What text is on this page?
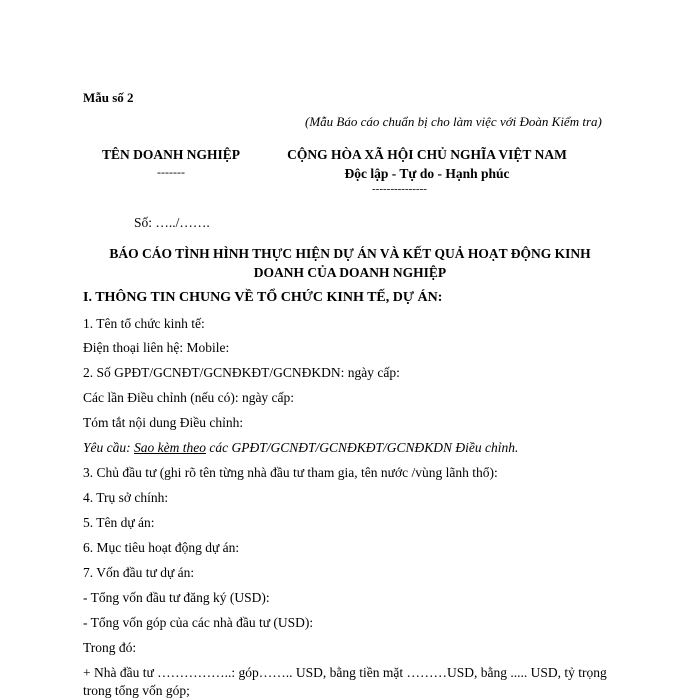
Mẫu số 2
(Mẫu Báo cáo chuẩn bị cho làm việc với Đoàn Kiểm tra)
TÊN DOANH NGHIỆP
-------
CỘNG HÒA XÃ HỘI CHỦ NGHĨA VIỆT NAM
Độc lập - Tự do - Hạnh phúc
---------------
Số: …../…….
BÁO CÁO TÌNH HÌNH THỰC HIỆN DỰ ÁN VÀ KẾT QUẢ HOẠT ĐỘNG KINH
DOANH CỦA DOANH NGHIỆP
I. THÔNG TIN CHUNG VỀ TỔ CHỨC KINH TẾ, DỰ ÁN:
1. Tên tổ chức kinh tế:
Điện thoại liên hệ: Mobile:
2. Số GPĐT/GCNĐT/GCNĐKĐT/GCNĐKDN: ngày cấp:
Các lần Điều chỉnh (nếu có): ngày cấp:
Tóm tắt nội dung Điều chỉnh:
Yêu cầu: Sao kèm theo các GPĐT/GCNĐT/GCNĐKĐT/GCNĐKDN Điều chỉnh.
3. Chủ đầu tư (ghi rõ tên từng nhà đầu tư tham gia, tên nước /vùng lãnh thổ):
4. Trụ sở chính:
5. Tên dự án:
6. Mục tiêu hoạt động dự án:
7. Vốn đầu tư dự án:
- Tổng vốn đầu tư đăng ký (USD):
- Tổng vốn góp của các nhà đầu tư (USD):
Trong đó:
+ Nhà đầu tư ……………..: góp…….. USD, bằng tiền mặt ………USD, bằng ..... USD, tỷ trọng
trong tổng vốn góp;
